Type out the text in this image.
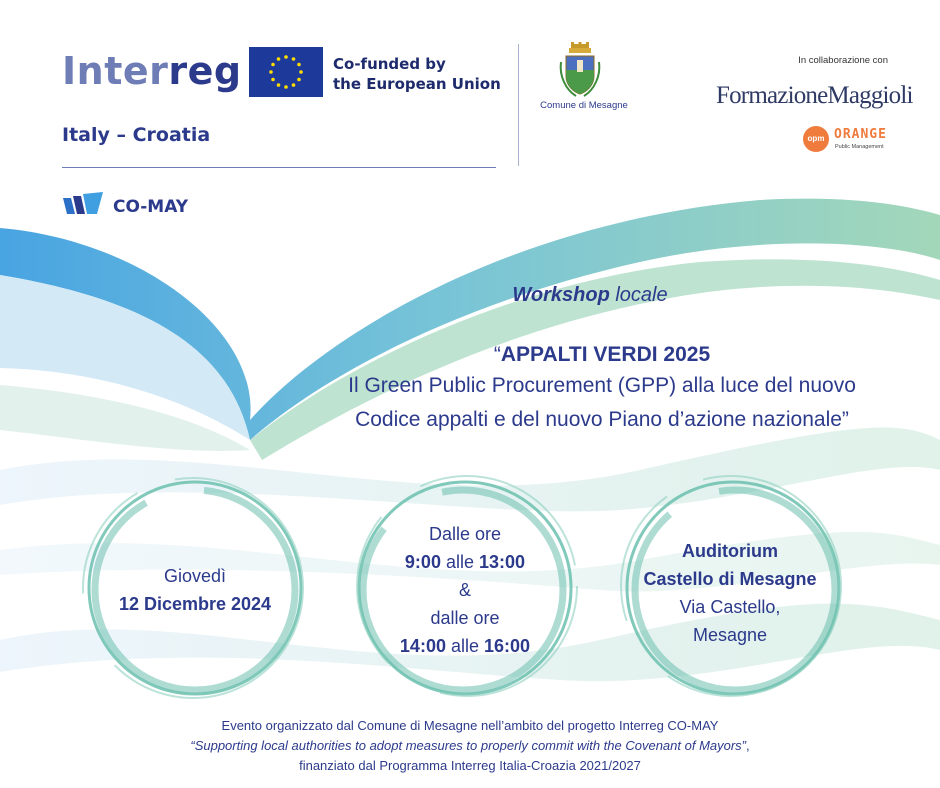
Interreg
Italy – Croatia
Co-funded by
the European Union
Comune di Mesagne
In collaborazione con
FormazioneMaggioli
opm ORANGE
Public Management
CO-MAY
Workshop locale
“APPALTI VERDI 2025
Il Green Public Procurement (GPP) alla luce del nuovo
Codice appalti e del nuovo Piano d’azione nazionale”
Giovedì
12 Dicembre 2024
Dalle ore
9:00 alle 13:00
&
dalle ore
14:00 alle 16:00
Auditorium
Castello di Mesagne
Via Castello,
Mesagne
Evento organizzato dal Comune di Mesagne nell’ambito del progetto Interreg CO-MAY
“Supporting local authorities to adopt measures to properly commit with the Covenant of Mayors”,
finanziato dal Programma Interreg Italia-Croazia 2021/2027
